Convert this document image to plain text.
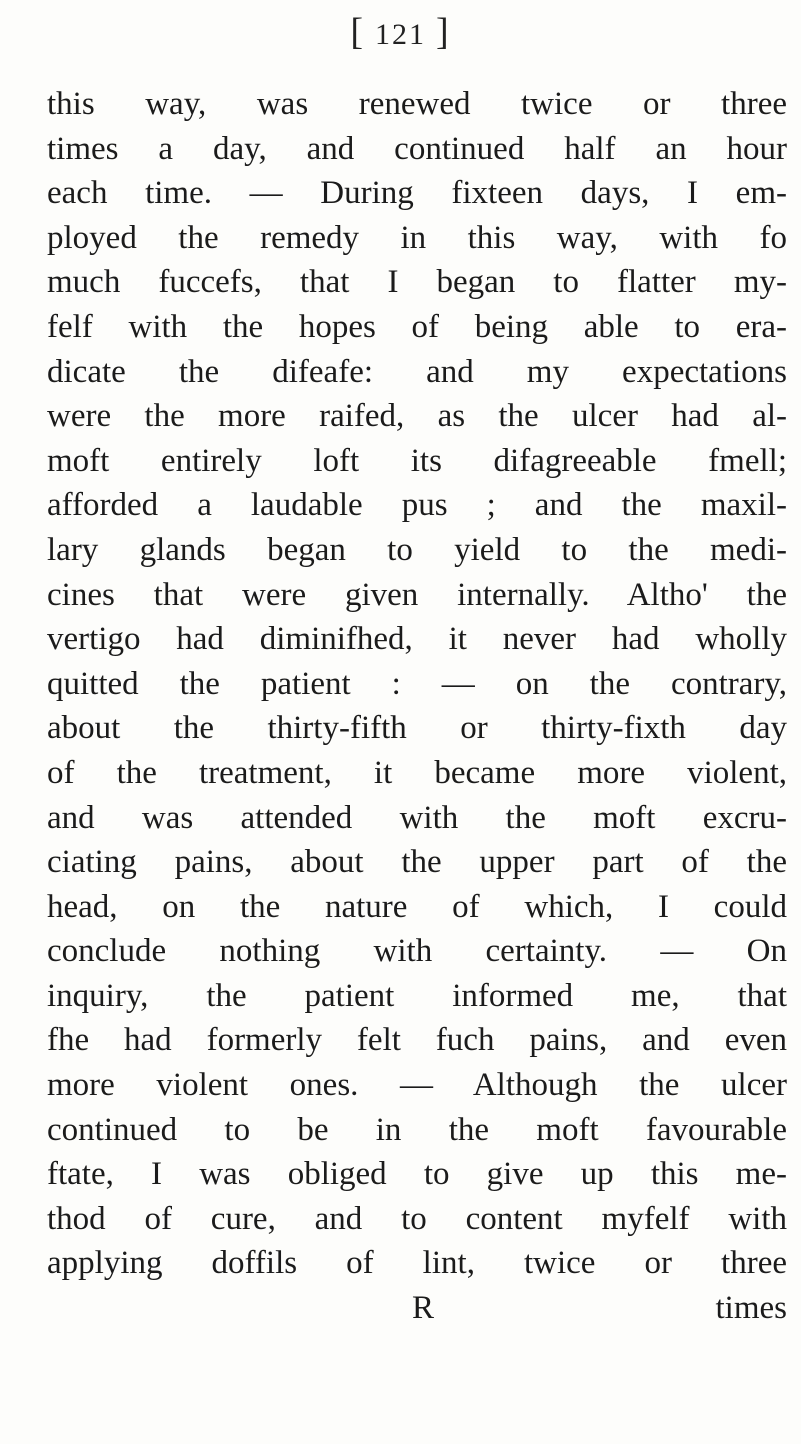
[ 121 ]
this way, was renewed twice or three
times a day, and continued half an hour
each time. — During fixteen days, I em-
ployed the remedy in this way, with fo
much fuccefs, that I began to flatter my-
felf with the hopes of being able to era-
dicate the difeafe: and my expectations
were the more raifed, as the ulcer had al-
moft entirely loft its difagreeable fmell;
afforded a laudable pus ; and the maxil-
lary glands began to yield to the medi-
cines that were given internally. Altho' the
vertigo had diminifhed, it never had wholly
quitted the patient : — on the contrary,
about the thirty-fifth or thirty-fixth day
of the treatment, it became more violent,
and was attended with the moft excru-
ciating pains, about the upper part of the
head, on the nature of which, I could
conclude nothing with certainty. — On
inquiry, the patient informed me, that
fhe had formerly felt fuch pains, and even
more violent ones. — Although the ulcer
continued to be in the moft favourable
ftate, I was obliged to give up this me-
thod of cure, and to content myfelf with
applying doffils of lint, twice or three
R	times
